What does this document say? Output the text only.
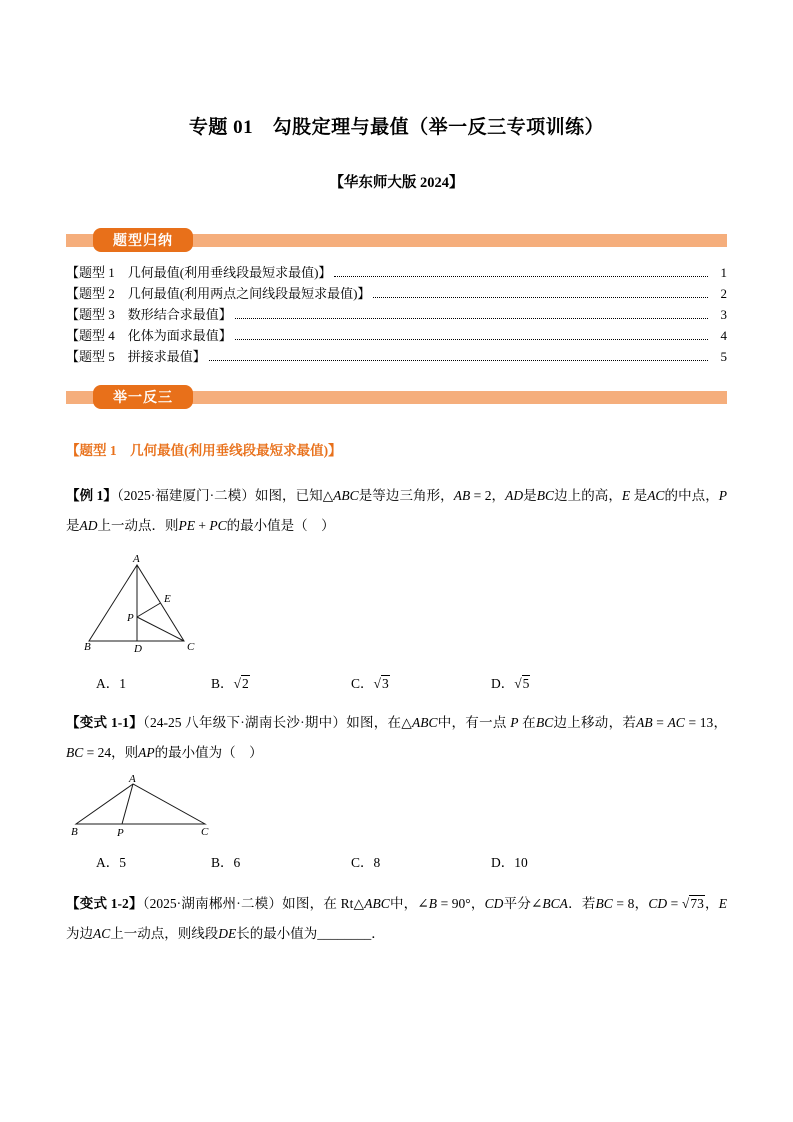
专题 01　勾股定理与最值（举一反三专项训练）
【华东师大版 2024】
题型归纳
【题型 1　几何最值(利用垂线段最短求最值)】	1
【题型 2　几何最值(利用两点之间线段最短求最值)】	2
【题型 3　数形结合求最值】	3
【题型 4　化体为面求最值】	4
【题型 5　拼接求最值】	5
举一反三
【题型 1　几何最值(利用垂线段最短求最值)】

【例 1】（2025·福建厦门·二模）如图，已知△ABC是等边三角形，AB = 2，AD是BC边上的高，E 是AC的中点，P 是AD上一动点．则PE + PC的最小值是（　）

A
B	C
D
E
P
A．1	B．√2	C．√3	D．√5

【变式 1-1】（24-25 八年级下·湖南长沙·期中）如图，在△ABC中，有一点 P 在BC边上移动，若AB = AC = 13，BC = 24，则AP的最小值为（　）

A
B	C
P
A．5	B．6	C．8	D．10

【变式 1-2】（2025·湖南郴州·二模）如图，在 Rt△ABC中，∠B = 90°，CD平分∠BCA．若BC = 8，CD = √73，E 为边AC上一动点，则线段DE长的最小值为________．
